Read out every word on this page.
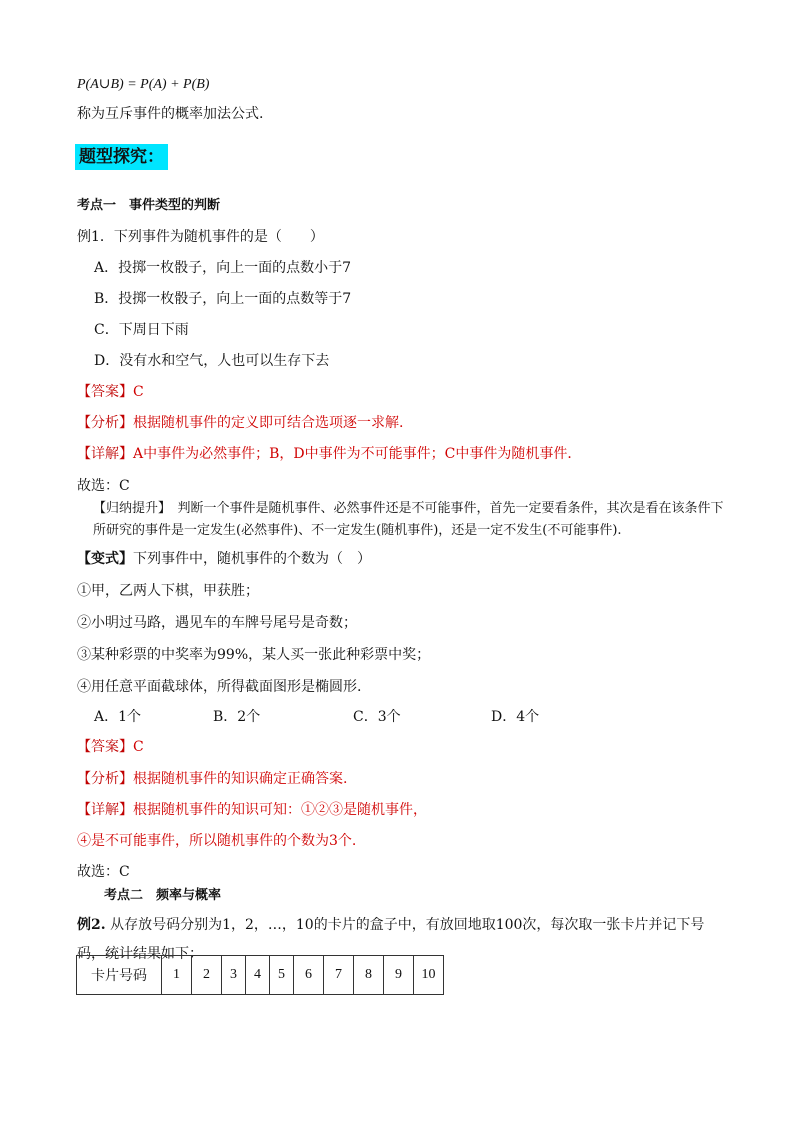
P(A∪B) = P(A) + P(B)
称为互斥事件的概率加法公式.
题型探究：
考点一　事件类型的判断
例1．下列事件为随机事件的是（　　）
A．投掷一枚骰子，向上一面的点数小于7
B．投掷一枚骰子，向上一面的点数等于7
C．下周日下雨
D．没有水和空气，人也可以生存下去
【答案】C
【分析】根据随机事件的定义即可结合选项逐一求解.
【详解】A中事件为必然事件；B，D中事件为不可能事件；C中事件为随机事件．
故选：C
【归纳提升】　 判断一个事件是随机事件、必然事件还是不可能事件，首先一定要看条件，其次是看在该条件下所研究的事件是一定发生(必然事件)、不一定发生(随机事件)，还是一定不发生(不可能事件).
【变式】下列事件中，随机事件的个数为（　）
①甲，乙两人下棋，甲获胜；
②小明过马路，遇见车的车牌号尾号是奇数；
③某种彩票的中奖率为99%，某人买一张此种彩票中奖；
④用任意平面截球体，所得截面图形是椭圆形.
A．1个	B．2个	C．3个	D．4个
【答案】C
【分析】根据随机事件的知识确定正确答案.
【详解】根据随机事件的知识可知：①②③是随机事件，
④是不可能事件，所以随机事件的个数为3个.
故选：C
考点二　频率与概率
例2. 从存放号码分别为1，2，…，10的卡片的盒子中，有放回地取100次，每次取一张卡片并记下号
码，统计结果如下：
卡片号码	1	2	3	4	5	6	7	8	9	10
